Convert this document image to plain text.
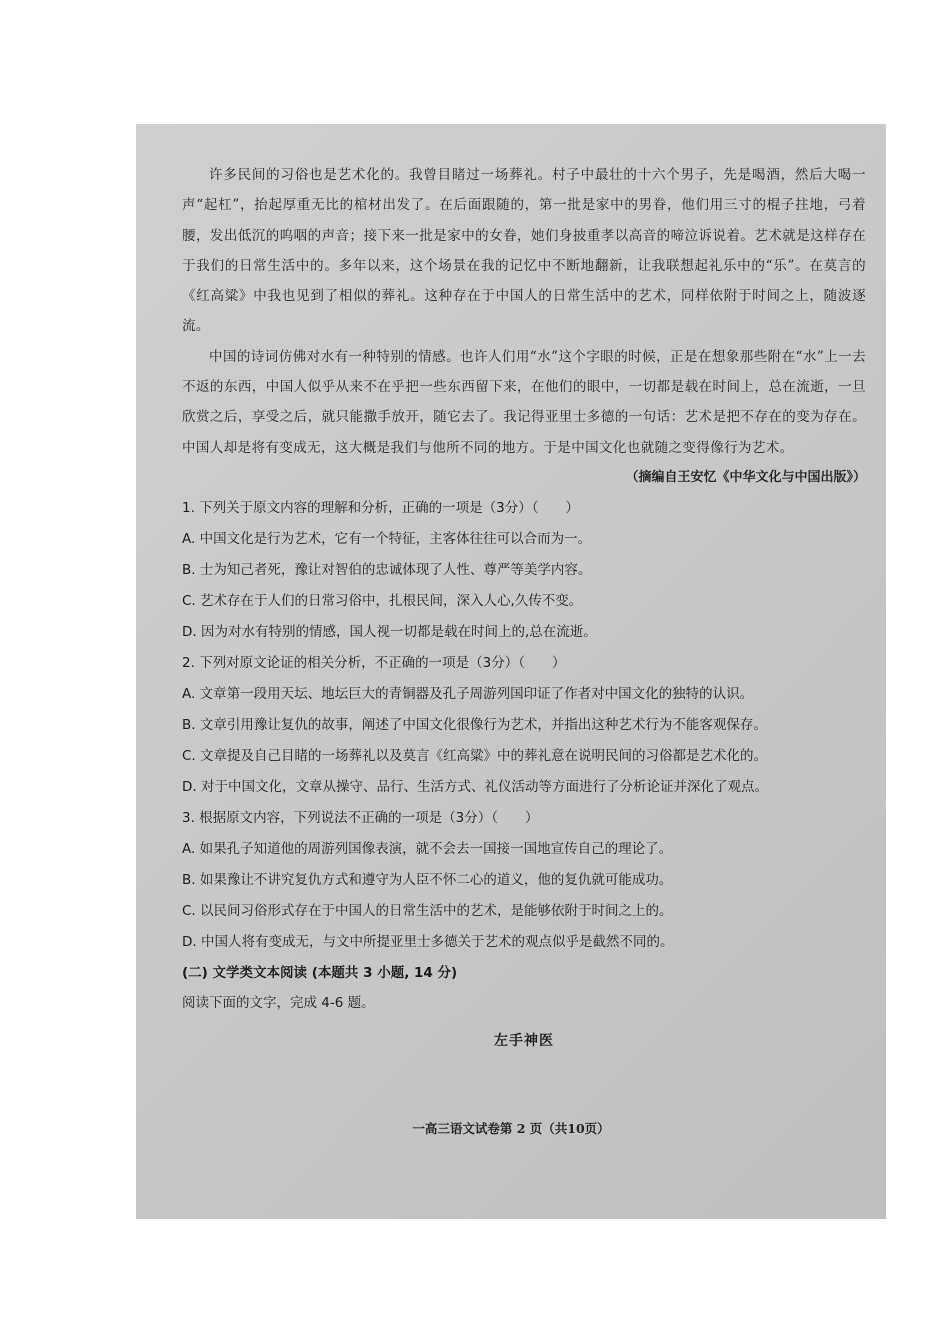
许多民间的习俗也是艺术化的。我曾目睹过一场葬礼。村子中最壮的十六个男子，先是喝酒，然后大喝一声“起杠”，抬起厚重无比的棺材出发了。在后面跟随的，第一批是家中的男眷，他们用三寸的棍子拄地，弓着腰，发出低沉的呜咽的声音；接下来一批是家中的女眷，她们身披重孝以高音的啼泣诉说着。艺术就是这样存在于我们的日常生活中的。多年以来，这个场景在我的记忆中不断地翻新，让我联想起礼乐中的“乐”。在莫言的《红高粱》中我也见到了相似的葬礼。这种存在于中国人的日常生活中的艺术，同样依附于时间之上，随波逐流。

中国的诗词仿佛对水有一种特别的情感。也许人们用“水”这个字眼的时候，正是在想象那些附在“水”上一去不返的东西，中国人似乎从来不在乎把一些东西留下来，在他们的眼中，一切都是载在时间上，总在流逝，一旦欣赏之后，享受之后，就只能撒手放开，随它去了。我记得亚里士多德的一句话：艺术是把不存在的变为存在。中国人却是将有变成无，这大概是我们与他所不同的地方。于是中国文化也就随之变得像行为艺术。

（摘编自王安忆《中华文化与中国出版》）

1. 下列关于原文内容的理解和分析，正确的一项是（3分）（　　）

A. 中国文化是行为艺术，它有一个特征，主客体往往可以合而为一。

B. 士为知己者死，豫让对智伯的忠诚体现了人性、尊严等美学内容。

C. 艺术存在于人们的日常习俗中，扎根民间，深入人心,久传不变。

D. 因为对水有特别的情感，国人视一切都是载在时间上的,总在流逝。

2. 下列对原文论证的相关分析，不正确的一项是（3分）（　　）

A. 文章第一段用天坛、地坛巨大的青铜器及孔子周游列国印证了作者对中国文化的独特的认识。

B. 文章引用豫让复仇的故事，阐述了中国文化很像行为艺术，并指出这种艺术行为不能客观保存。

C. 文章提及自己目睹的一场葬礼以及莫言《红高粱》中的葬礼意在说明民间的习俗都是艺术化的。

D. 对于中国文化，文章从操守、品行、生活方式、礼仪活动等方面进行了分析论证并深化了观点。

3. 根据原文内容，下列说法不正确的一项是（3分）（　　）

A. 如果孔子知道他的周游列国像表演，就不会去一国接一国地宣传自己的理论了。

B. 如果豫让不讲究复仇方式和遵守为人臣不怀二心的道义，他的复仇就可能成功。

C. 以民间习俗形式存在于中国人的日常生活中的艺术，是能够依附于时间之上的。

D. 中国人将有变成无，与文中所提亚里士多德关于艺术的观点似乎是截然不同的。

(二) 文学类文本阅读 (本题共 3 小题, 14 分)

阅读下面的文字，完成 4-6 题。

左手神医
一高三语文试卷第 2 页（共10页）
